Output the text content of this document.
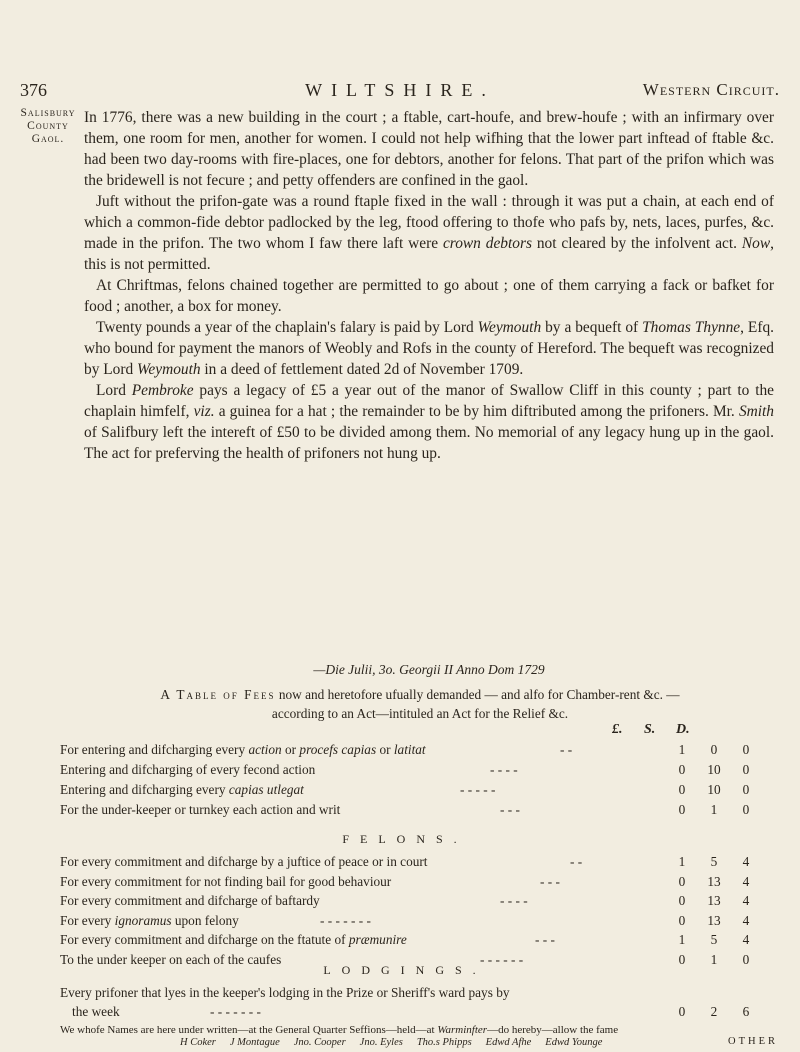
376	WILTSHIRE.	Western Circuit.
Salisbury
County
Gaol.

In 1776, there was a new building in the court ; a ftable, cart-houfe, and brew-houfe ; with an infirmary over them, one room for men, another for women. I could not help wifhing that the lower part inftead of ftable &c. had been two day-rooms with fire-places, one for debtors, another for felons. That part of the prifon which was the bridewell is not fecure ; and petty offenders are confined in the gaol.

Juft without the prifon-gate was a round ftaple fixed in the wall : through it was put a chain, at each end of which a common-fide debtor padlocked by the leg, ftood offering to thofe who pafs by, nets, laces, purfes, &c. made in the prifon. The two whom I faw there laft were crown debtors not cleared by the infolvent act. Now, this is not permitted.

At Chriftmas, felons chained together are permitted to go about ; one of them carrying a fack or bafket for food ; another, a box for money.

Twenty pounds a year of the chaplain's falary is paid by Lord Weymouth by a bequeft of Thomas Thynne, Efq. who bound for payment the manors of Weobly and Rofs in the county of Hereford. The bequeft was recognized by Lord Weymouth in a deed of fettlement dated 2d of November 1709.

Lord Pembroke pays a legacy of £5 a year out of the manor of Swallow Cliff in this county ; part to the chaplain himfelf, viz. a guinea for a hat ; the remainder to be by him diftributed among the prifoners. Mr. Smith of Salifbury left the intereft of £50 to be divided among them. No memorial of any legacy hung up in the gaol. The act for preferving the health of prifoners not hung up.

—Die Julii, 3o. Georgii II Anno Dom 1729
A Table of Fees now and heretofore ufually demanded — and alfo for Chamber-rent &c. —
according to an Act—intituled an Act for the Relief &c.
£. S. D.
For entering and difcharging every action or procefs capias or latitat	- -	1	0	0
Entering and difcharging of every fecond action	- - - -	0	10	0
Entering and difcharging every capias utlegat	- - - - -	0	10	0
For the under-keeper or turnkey each action and writ	- - -	0	1	0
FELONS.
For every commitment and difcharge by a juftice of peace or in court	- -	1	5	4
For every commitment for not finding bail for good behaviour	- - -	0	13	4
For every commitment and difcharge of baftardy	- - - -	0	13	4
For every ignoramus upon felony	- - - - - - -	0	13	4
For every commitment and difcharge on the ftatute of præmunire	- - -	1	5	4
To the under keeper on each of the caufes	- - - - - -	0	1	0
LODGINGS.
Every prifoner that lyes in the keeper's lodging in the Prize or Sheriff's ward pays by
the week	- - - - - - -	0	2	6
We whofe Names are here under written—at the General Quarter Seffions—held—at Warminfter—do hereby—allow the fame
OTHER
H Coker J Montague Jno. Cooper Jno. Eyles Tho.s Phipps Edwd Afhe Edwd Younge
